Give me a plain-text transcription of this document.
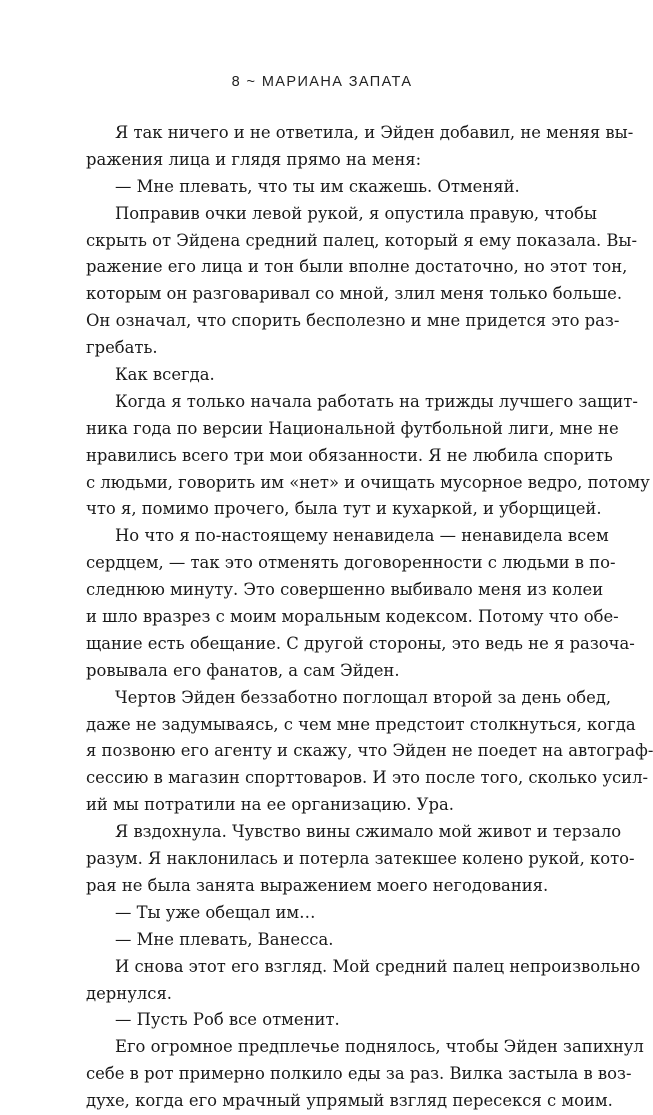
8 ~ МАРИАНА ЗАПАТА
Я так ничего и не ответила, и Эйден добавил, не меняя вы-
ражения лица и глядя прямо на меня:
— Мне плевать, что ты им скажешь. Отменяй.
Поправив очки левой рукой, я опустила правую, чтобы
скрыть от Эйдена средний палец, который я ему показала. Вы-
ражение его лица и тон были вполне достаточно, но этот тон,
которым он разговаривал со мной, злил меня только больше.
Он означал, что спорить бесполезно и мне придется это раз-
гребать.
Как всегда.
Когда я только начала работать на трижды лучшего защит-
ника года по версии Национальной футбольной лиги, мне не
нравились всего три мои обязанности. Я не любила спорить
с людьми, говорить им «нет» и очищать мусорное ведро, потому
что я, помимо прочего, была тут и кухаркой, и уборщицей.
Но что я по-настоящему ненавидела — ненавидела всем
сердцем, — так это отменять договоренности с людьми в по-
следнюю минуту. Это совершенно выбивало меня из колеи
и шло вразрез с моим моральным кодексом. Потому что обе-
щание есть обещание. С другой стороны, это ведь не я разоча-
ровывала его фанатов, а сам Эйден.
Чертов Эйден беззаботно поглощал второй за день обед,
даже не задумываясь, с чем мне предстоит столкнуться, когда
я позвоню его агенту и скажу, что Эйден не поедет на автограф-
сессию в магазин спорттоваров. И это после того, сколько усил-
ий мы потратили на ее организацию. Ура.
Я вздохнула. Чувство вины сжимало мой живот и терзало
разум. Я наклонилась и потерла затекшее колено рукой, кото-
рая не была занята выражением моего негодования.
— Ты уже обещал им…
— Мне плевать, Ванесса.
И снова этот его взгляд. Мой средний палец непроизвольно
дернулся.
— Пусть Роб все отменит.
Его огромное предплечье поднялось, чтобы Эйден запихнул
себе в рот примерно полкило еды за раз. Вилка застыла в воз-
духе, когда его мрачный упрямый взгляд пересекся с моим.
